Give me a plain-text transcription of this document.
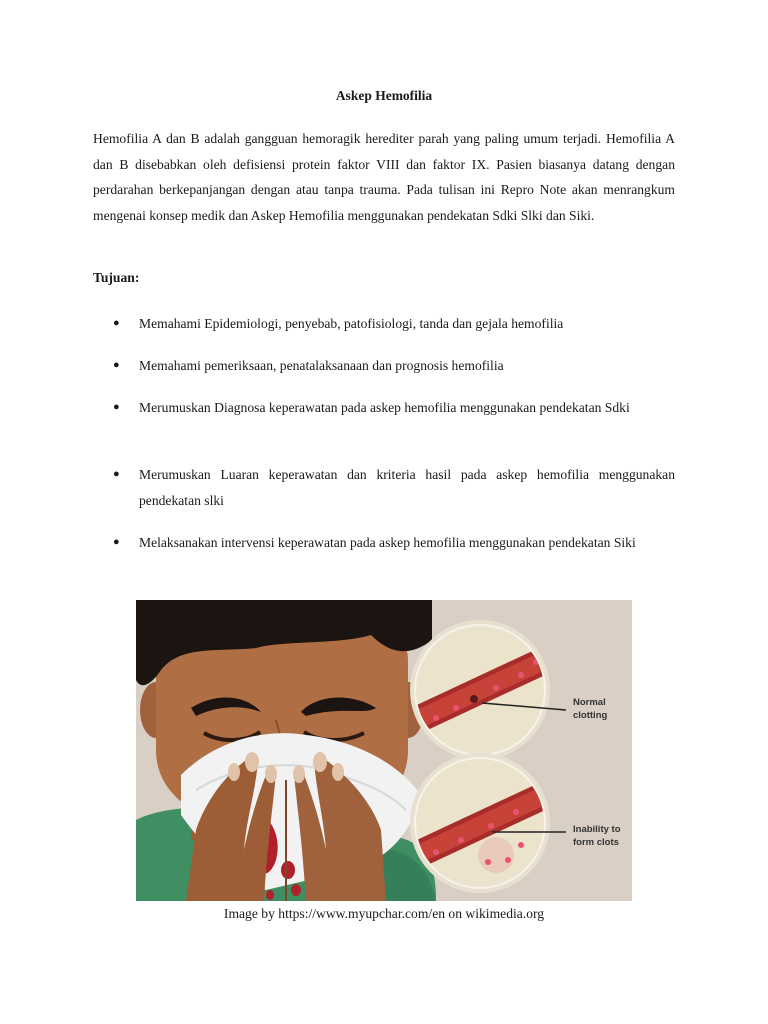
Askep Hemofilia

Hemofilia A dan B adalah gangguan hemoragik herediter parah yang paling umum terjadi. Hemofilia A dan B disebabkan oleh defisiensi protein faktor VIII dan faktor IX. Pasien biasanya datang dengan perdarahan berkepanjangan dengan atau tanpa trauma. Pada tulisan ini Repro Note akan menrangkum mengenai konsep medik dan Askep Hemofilia menggunakan pendekatan Sdki Slki dan Siki.

Tujuan:
●	Memahami Epidemiologi, penyebab, patofisiologi, tanda dan gejala hemofilia
●	Memahami pemeriksaan, penatalaksanaan dan prognosis hemofilia
●	Merumuskan Diagnosa keperawatan pada askep hemofilia menggunakan pendekatan Sdki
●	Merumuskan Luaran keperawatan dan kriteria hasil pada askep hemofilia menggunakan pendekatan slki
●	Melaksanakan intervensi keperawatan pada askep hemofilia menggunakan pendekatan Siki
Normal
clotting
Inability to
form clots
Image by https://www.myupchar.com/en on wikimedia.org
